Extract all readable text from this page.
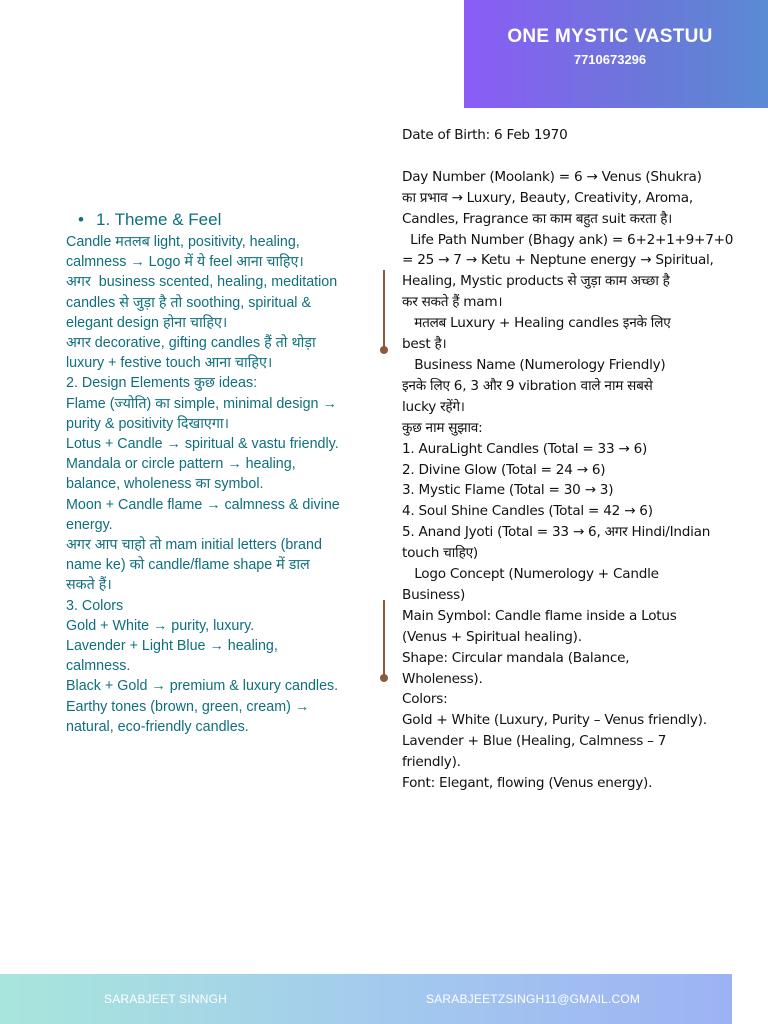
ONE MYSTIC VASTUU
7710673296
• 1. Theme & Feel
Candle मतलब light, positivity, healing,
calmness → Logo में ये feel आना चाहिए।
अगर  business scented, healing, meditation
candles से जुड़ा है तो soothing, spiritual &
elegant design होना चाहिए।
अगर decorative, gifting candles हैं तो थोड़ा
luxury + festive touch आना चाहिए।
2. Design Elements कुछ ideas:
Flame (ज्योति) का simple, minimal design →
purity & positivity दिखाएगा।
Lotus + Candle → spiritual & vastu friendly.
Mandala or circle pattern → healing,
balance, wholeness का symbol.
Moon + Candle flame → calmness & divine
energy.
अगर आप चाहो तो mam initial letters (brand
name ke) को candle/flame shape में डाल
सकते हैं।
3. Colors
Gold + White → purity, luxury.
Lavender + Light Blue → healing,
calmness.
Black + Gold → premium & luxury candles.
Earthy tones (brown, green, cream) →
natural, eco-friendly candles.
Date of Birth: 6 Feb 1970

Day Number (Moolank) = 6 → Venus (Shukra)
का प्रभाव → Luxury, Beauty, Creativity, Aroma,
Candles, Fragrance का काम बहुत suit करता है।
Life Path Number (Bhagy ank) = 6+2+1+9+7+0
= 25 → 7 → Ketu + Neptune energy → Spiritual,
Healing, Mystic products से जुड़ा काम अच्छा है
कर सकते हैं mam।
मतलब Luxury + Healing candles इनके लिए
best है।
Business Name (Numerology Friendly)
इनके लिए 6, 3 और 9 vibration वाले नाम सबसे
lucky रहेंगे।
कुछ नाम सुझाव:
1. AuraLight Candles (Total = 33 → 6)
2. Divine Glow (Total = 24 → 6)
3. Mystic Flame (Total = 30 → 3)
4. Soul Shine Candles (Total = 42 → 6)
5. Anand Jyoti (Total = 33 → 6, अगर Hindi/Indian
touch चाहिए)
Logo Concept (Numerology + Candle
Business)
Main Symbol: Candle flame inside a Lotus
(Venus + Spiritual healing).
Shape: Circular mandala (Balance,
Wholeness).
Colors:
Gold + White (Luxury, Purity – Venus friendly).
Lavender + Blue (Healing, Calmness – 7
friendly).
Font: Elegant, flowing (Venus energy).
SARABJEET SINNGH	SARABJEETZSINGH11@GMAIL.COM
